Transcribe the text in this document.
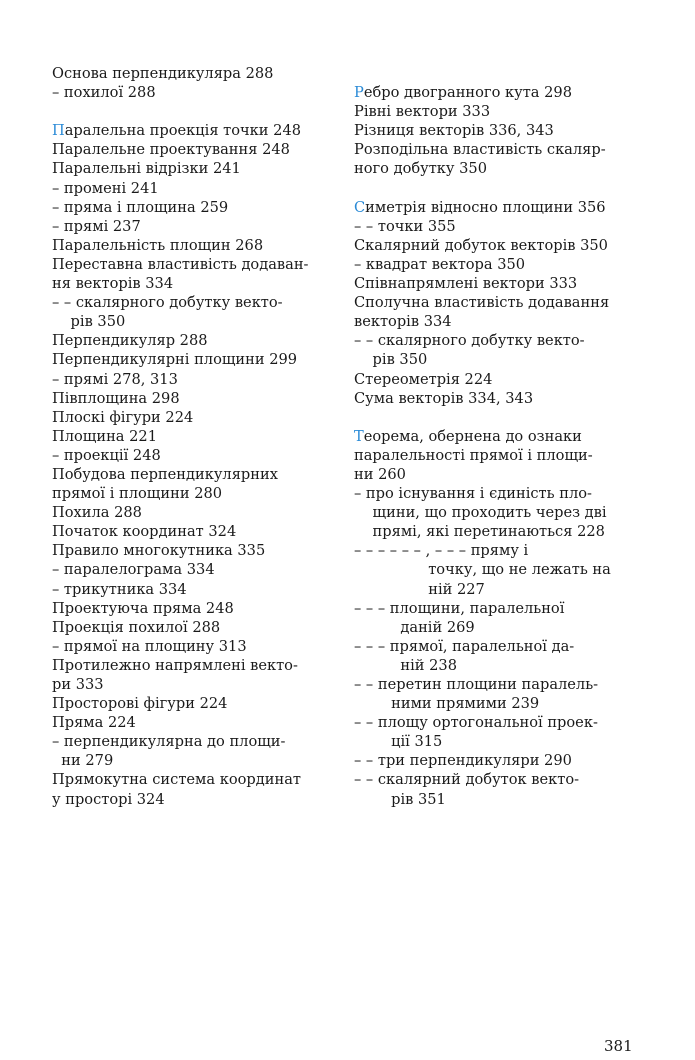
Основа перпендикуляра 288
– похилої 288
Паралельна проекція точки 248
Паралельне проектування 248
Паралельні відрізки 241
– промені 241
– пряма і площина 259
– прямі 237
Паралельність площин 268
Переставна властивість додаван-
ня векторів 334
– – скалярного добутку векто-
рів 350
Перпендикуляр 288
Перпендикулярні площини 299
– прямі 278, 313
Півплощина 298
Плоскі фігури 224
Площина 221
– проекції 248
Побудова перпендикулярних
прямої і площини 280
Похила 288
Початок координат 324
Правило многокутника 335
– паралелограма 334
– трикутника 334
Проектуюча пряма 248
Проекція похилої 288
– прямої на площину 313
Протилежно напрямлені векто-
ри 333
Просторові фігури 224
Пряма 224
– перпендикулярна до площи-
ни 279
Прямокутна система координат
у просторі 324
Ребро двогранного кута 298
Рівні вектори 333
Різниця векторів 336, 343
Розподільна властивість скаляр-
ного добутку 350
Симетрія відносно площини 356
– – точки 355
Скалярний добуток векторів 350
– квадрат вектора 350
Співнапрямлені вектори 333
Сполучна властивість додавання
векторів 334
– – скалярного добутку векто-
рів 350
Стереометрія 224
Сума векторів 334, 343
Теорема, обернена до ознаки
паралельності прямої і площи-
ни 260
– про існування і єдиність пло-
щини, що проходить через дві
прямі, які перетинаються 228
– – – – – – , – – – пряму і
точку, що не лежать на
ній 227
– – – площини, паралельної
даній 269
– – – прямої, паралельної да-
ній 238
– – перетин площини паралель-
ними прямими 239
– – площу ортогональної проек-
ції 315
– – три перпендикуляри 290
– – скалярний добуток векто-
рів 351
381
